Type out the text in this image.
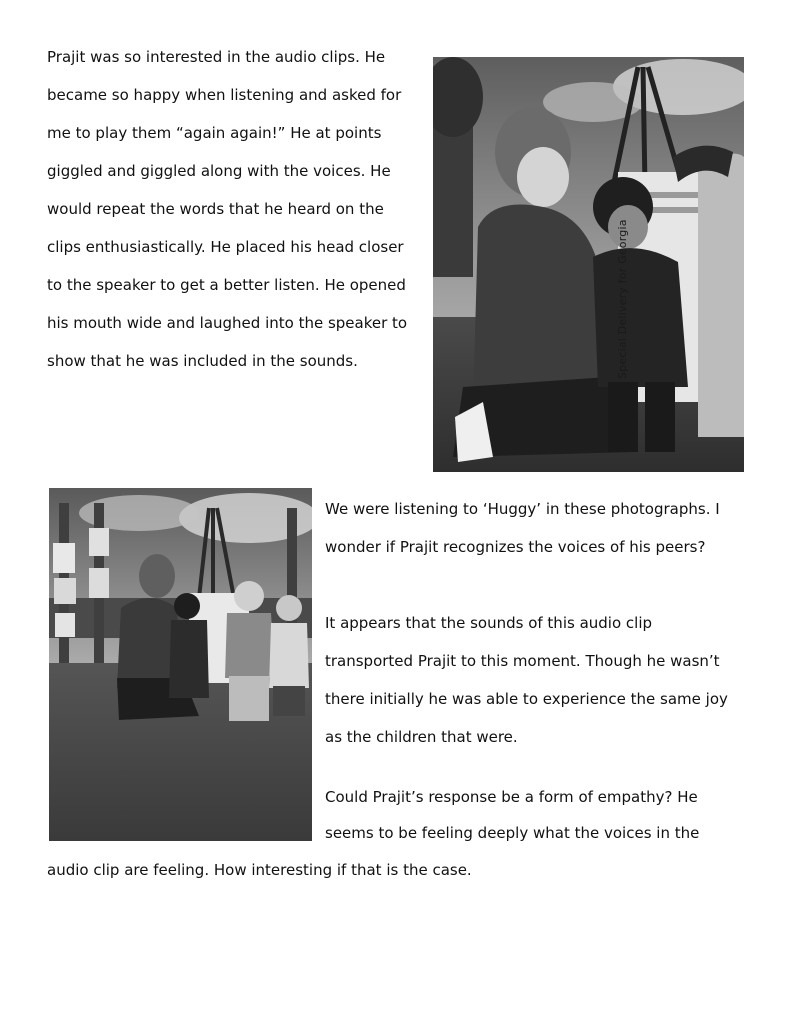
Prajit was so interested in the audio clips. He

became so happy when listening and asked for

me to play them “again again!” He at points

giggled and giggled along with the voices. He

would repeat the words that he heard on the

clips enthusiastically. He placed his head closer

to the speaker to get a better listen. He opened

his mouth wide and laughed into the speaker to

show that he was included in the sounds.	Special Delivery for Georgia

We were listening to ‘Huggy’ in these photographs. I

wonder if Prajit recognizes the voices of his peers?

It appears that the sounds of this audio clip

transported Prajit to this moment. Though he wasn’t

there initially he was able to experience the same joy

as the children that were.

Could Prajit’s response be a form of empathy? He

seems to be feeling deeply what the voices in the

audio clip are feeling. How interesting if that is the case.
